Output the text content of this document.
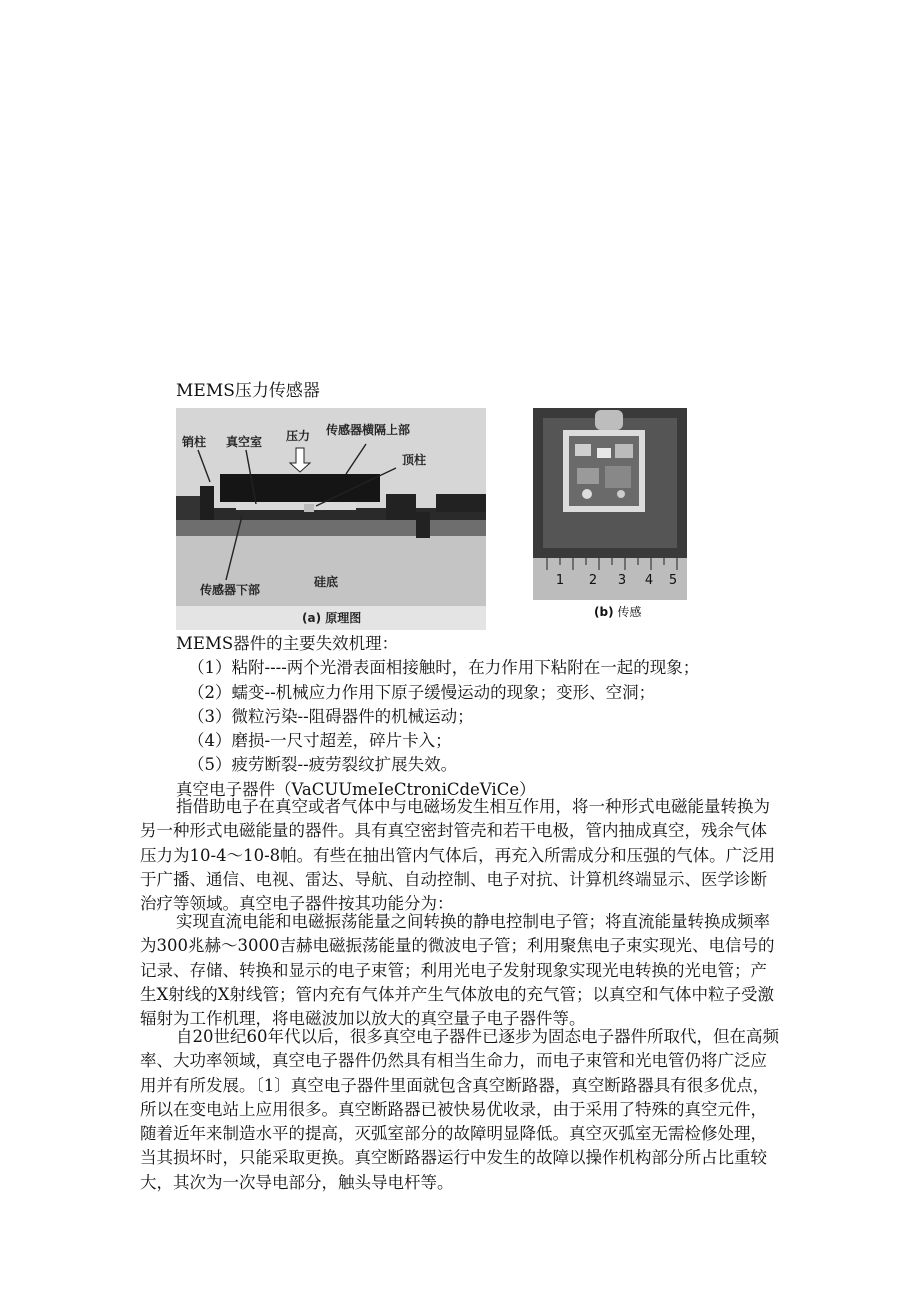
MEMS压力传感器
销柱 真空室 压力 传感器横隔上部
顶柱
传感器下部
硅底
(a) 原理图
1 2 3 4 5
(b) 传感
MEMS器件的主要失效机理：
（1）粘附----两个光滑表面相接触时，在力作用下粘附在一起的现象；
（2）蠕变--机械应力作用下原子缓慢运动的现象；变形、空洞；
（3）微粒污染--阻碍器件的机械运动；
（4）磨损-一尺寸超差，碎片卡入；
（5）疲劳断裂--疲劳裂纹扩展失效。
真空电子器件（VaCUUmeIeCtroniCdeViCe）
指借助电子在真空或者气体中与电磁场发生相互作用，将一种形式电磁能量转换为
另一种形式电磁能量的器件。具有真空密封管壳和若干电极，管内抽成真空，残余气体
压力为10-4～10-8帕。有些在抽出管内气体后，再充入所需成分和压强的气体。广泛用
于广播、通信、电视、雷达、导航、自动控制、电子对抗、计算机终端显示、医学诊断
治疗等领域。真空电子器件按其功能分为：
实现直流电能和电磁振荡能量之间转换的静电控制电子管；将直流能量转换成频率
为300兆赫～3000吉赫电磁振荡能量的微波电子管；利用聚焦电子束实现光、电信号的
记录、存储、转换和显示的电子束管；利用光电子发射现象实现光电转换的光电管；产
生X射线的X射线管；管内充有气体并产生气体放电的充气管；以真空和气体中粒子受激
辐射为工作机理，将电磁波加以放大的真空量子电子器件等。
自20世纪60年代以后，很多真空电子器件已逐步为固态电子器件所取代，但在高频
率、大功率领域，真空电子器件仍然具有相当生命力，而电子束管和光电管仍将广泛应
用并有所发展。〔1〕真空电子器件里面就包含真空断路器，真空断路器具有很多优点，
所以在变电站上应用很多。真空断路器已被快易优收录，由于采用了特殊的真空元件，
随着近年来制造水平的提高，灭弧室部分的故障明显降低。真空灭弧室无需检修处理，
当其损坏时，只能采取更换。真空断路器运行中发生的故障以操作机构部分所占比重较
大，其次为一次导电部分，触头导电杆等。
